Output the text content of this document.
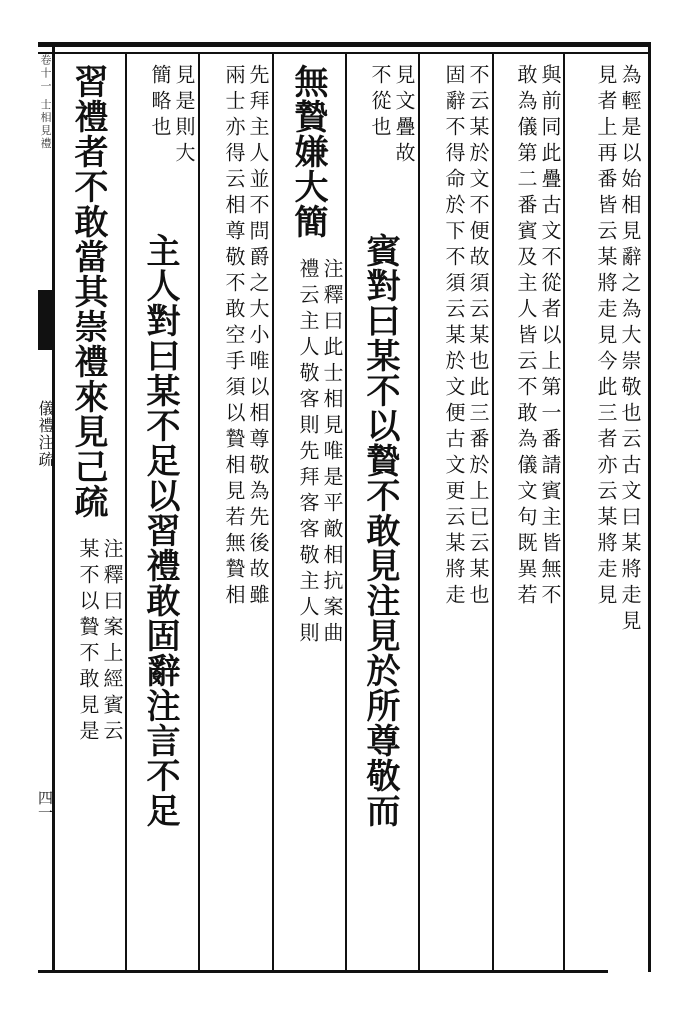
卷十一 士相見禮
儀禮注疏
四一
為輕是以始相見辭之為大崇敬也云古文曰某將走見
見者上再番皆云某將走見今此三者亦云某將走見
與前同此疊古文不從者以上第一番請賓主皆無不
敢為儀第二番賓及主人皆云不敢為儀文句既異若
不云某於文不便故須云某也此三番於上已云某也
固辭不得命於下不須云某於文便古文更云某將走
見文疊故
不從也 賓對曰某不以贄不敢見注見於所尊敬而
無贄嫌大簡 注釋曰此士相見唯是平敵相抗案曲
禮云主人敬客則先拜客客敬主人則
先拜主人並不問爵之大小唯以相尊敬為先後故雖
兩士亦得云相尊敬不敢空手須以贄相見若無贄相
見是則大
簡略也 主人對曰某不足以習禮敢固辭注言不足
習禮者不敢當其崇禮來見己疏 注釋曰案上經賓云
某不以贄不敢見是
